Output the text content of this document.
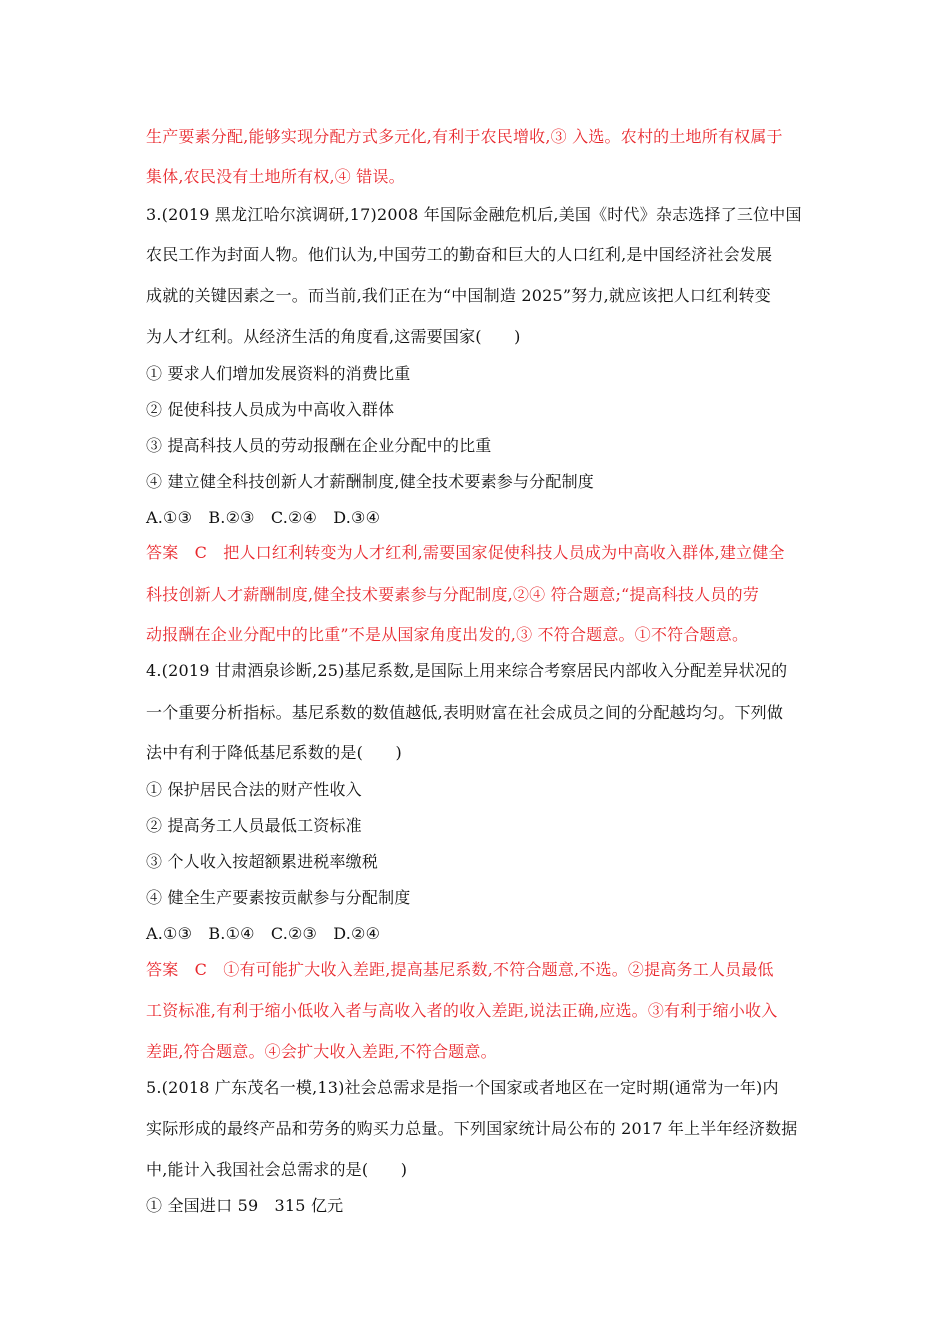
生产要素分配,能够实现分配方式多元化,有利于农民增收,③ 入选。农村的土地所有权属于
集体,农民没有土地所有权,④ 错误。
3.(2019 黑龙江哈尔滨调研,17)2008 年国际金融危机后,美国《时代》杂志选择了三位中国
农民工作为封面人物。他们认为,中国劳工的勤奋和巨大的人口红利,是中国经济社会发展
成就的关键因素之一。而当前,我们正在为“中国制造 2025”努力,就应该把人口红利转变
为人才红利。从经济生活的角度看,这需要国家(　　)
① 要求人们增加发展资料的消费比重
② 促使科技人员成为中高收入群体
③ 提高科技人员的劳动报酬在企业分配中的比重
④ 建立健全科技创新人才薪酬制度,健全技术要素参与分配制度
A.①③　B.②③　C.②④　D.③④
答案　C　把人口红利转变为人才红利,需要国家促使科技人员成为中高收入群体,建立健全
科技创新人才薪酬制度,健全技术要素参与分配制度,②④ 符合题意;“提高科技人员的劳
动报酬在企业分配中的比重”不是从国家角度出发的,③ 不符合题意。①不符合题意。
4.(2019 甘肃酒泉诊断,25)基尼系数,是国际上用来综合考察居民内部收入分配差异状况的
一个重要分析指标。基尼系数的数值越低,表明财富在社会成员之间的分配越均匀。下列做
法中有利于降低基尼系数的是(　　)
① 保护居民合法的财产性收入
② 提高务工人员最低工资标准
③ 个人收入按超额累进税率缴税
④ 健全生产要素按贡献参与分配制度
A.①③　B.①④　C.②③　D.②④
答案　C　①有可能扩大收入差距,提高基尼系数,不符合题意,不选。②提高务工人员最低
工资标准,有利于缩小低收入者与高收入者的收入差距,说法正确,应选。③有利于缩小收入
差距,符合题意。④会扩大收入差距,不符合题意。
5.(2018 广东茂名一模,13)社会总需求是指一个国家或者地区在一定时期(通常为一年)内
实际形成的最终产品和劳务的购买力总量。下列国家统计局公布的 2017 年上半年经济数据
中,能计入我国社会总需求的是(　　)
① 全国进口 59　315 亿元
